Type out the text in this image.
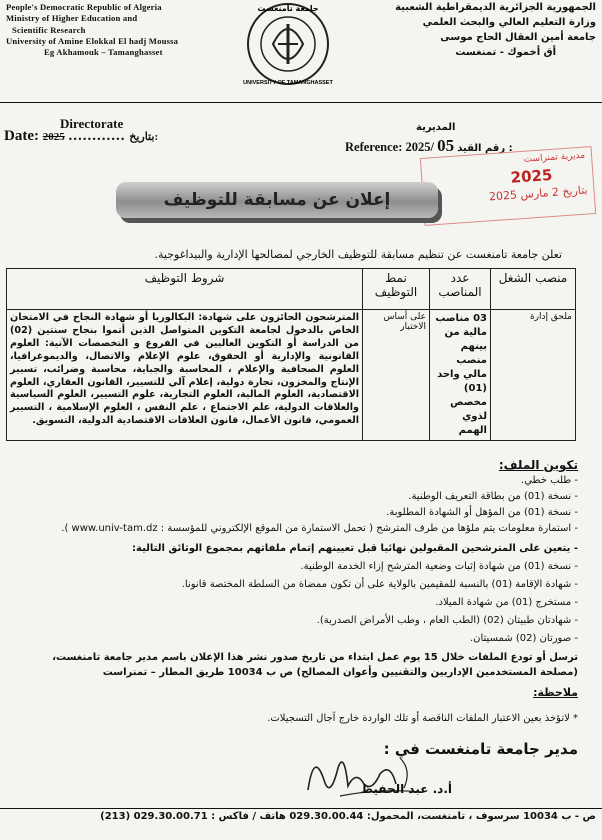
People's Democratic Republic of Algeria
Ministry of Higher Education and
Scientific Research
University of Amine Elokkal El hadj Moussa
Eg Akhamouk – Tamanghasset
جامعة تامنغست
UNIVERSITY OF TAMANGHASSET
الجمهورية الجزائرية الديمقراطية الشعبية
وزارة التعليم العالي والبحث العلمي
جامعة أمين العقال الحاج موسى
أق أخموك - تمنغست
Directorate	المديرية
Date: 2025 ............ بتاريخ:
Reference: 2025/ 05 رقم القيد :
مديرية تمنراست
2025
بتاريخ 2 مارس 2025
إعلان عن مسابقة للتوظيف
تعلن جامعة تامنغست عن تنظيم مسابقة للتوظيف الخارجي لمصالحها الإدارية والبيداغوجية.
منصب الشغل	عدد المناصب	نمط التوظيف	شروط التوظيف
ملحق إدارة	03 مناصب مالية من بينهم منصب مالي واحد (01) مخصص لذوي الهمم	على أساس الاختبار	المترشحون الحائزون على شهادة: البكالوريا أو شهادة النجاح في الامتحان الخاص بالدخول لجامعة التكوين المتواصل الذين أتموا بنجاح سنتين (02) من الدراسة أو التكوين العاليين في الفروع و التخصصات الآتية: العلوم القانونية والإدارية أو الحقوق، علوم الإعلام والاتصال، والديموغرافيا، العلوم الصحافية والإعلام ، المحاسبة والجباية، محاسبة وضرائب، تسيير الإنتاج والمخزون، تجارة دولية، إعلام آلي للتسيير، القانون العقاري، العلوم الاقتصادية، العلوم المالية، العلوم التجارية، علوم التسيير، العلوم السياسية والعلاقات الدولية، علم الاجتماع ، علم النفس ، العلوم الإسلامية ، التسيير العمومي، قانون الأعمال، قانون العلاقات الاقتصادية الدولية، التسويق.
تكوين الملف:
- طلب خطي.
- نسخة (01) من بطاقة التعريف الوطنية.
- نسخة (01) من المؤهل أو الشهادة المطلوبة.
- استمارة معلومات يتم ملؤها من طرف المترشح ( تحمل الاستمارة من الموقع الإلكتروني للمؤسسة : www.univ-tam.dz ).
- يتعين على المترشحين المقبولين نهائيا قبل تعيينهم إتمام ملفاتهم بمجموع الوثائق التالية:
- نسخة (01) من شهادة إثبات وضعية المترشح إزاء الخدمة الوطنية.
- شهادة الإقامة (01) بالنسبة للمقيمين بالولاية على أن تكون ممضاة من السلطة المختصة قانونا.
- مستخرج (01) من شهادة الميلاد.
- شهادتان طبيتان (02) (الطب العام ، وطب الأمراض الصدرية).
- صورتان (02) شمسيتان.
ترسل أو تودع الملفات خلال 15 يوم عمل ابتداء من تاريخ صدور نشر هذا الإعلان باسم مدير جامعة تامنغست، (مصلحة المستخدمين الإداريين والتقنيين وأعوان المصالح) ص ب 10034 طريق المطار – تمنراست
ملاحظة:
* لاتؤخذ بعين الاعتبار الملفات الناقصة أو تلك الواردة خارج آجال التسجيلات.
مدير جامعة تامنغست في :
أ.د. عبد الحفيظ
ص - ب 10034 سرسوف ، تامنغست، المحمول: 029.30.00.44 هاتف / فاكس : 029.30.00.71 (213)
